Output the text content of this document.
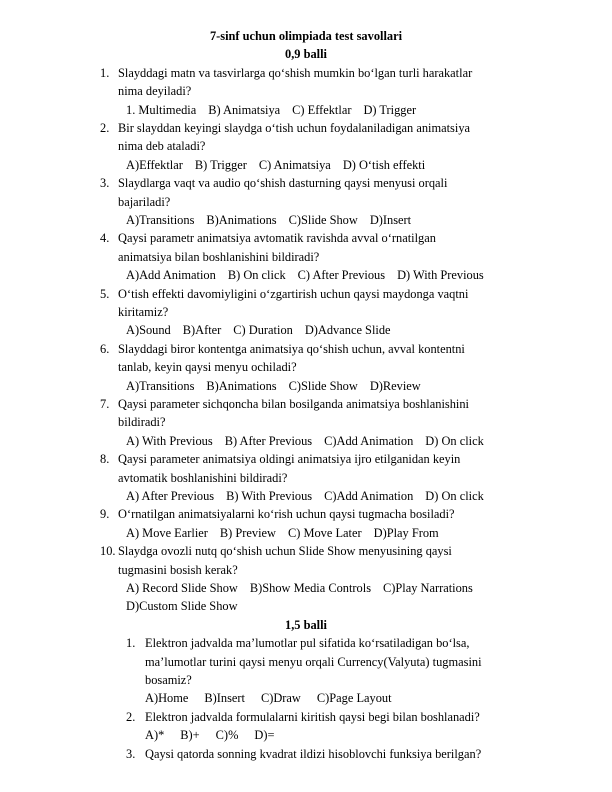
7-sinf uchun olimpiada test savollari
0,9 balli
1. Slayddagi matn va tasvirlarga qo‘shish mumkin bo‘lgan turli harakatlar
nima deyiladi?
1. Multimedia B) Animatsiya C) Effektlar D) Trigger
2. Bir slayddan keyingi slaydga o‘tish uchun foydalaniladigan animatsiya
nima deb ataladi?
A)Effektlar B) Trigger C) Animatsiya D) O‘tish effekti
3. Slaydlarga vaqt va audio qo‘shish dasturning qaysi menyusi orqali
bajariladi?
A)Transitions B)Animations C)Slide Show D)Insert
4. Qaysi parametr animatsiya avtomatik ravishda avval o‘rnatilgan
animatsiya bilan boshlanishini bildiradi?
A)Add Animation B) On click C) After Previous D) With Previous
5. O‘tish effekti davomiyligini o‘zgartirish uchun qaysi maydonga vaqtni
kiritamiz?
A)Sound B)After C) Duration D)Advance Slide
6. Slayddagi biror kontentga animatsiya qo‘shish uchun, avval kontentni
tanlab, keyin qaysi menyu ochiladi?
A)Transitions B)Animations C)Slide Show D)Review
7. Qaysi parameter sichqoncha bilan bosilganda animatsiya boshlanishini
bildiradi?
A) With Previous B) After Previous C)Add Animation D) On click
8. Qaysi parameter animatsiya oldingi animatsiya ijro etilganidan keyin
avtomatik boshlanishini bildiradi?
A) After Previous B) With Previous C)Add Animation D) On click
9. O‘rnatilgan animatsiyalarni ko‘rish uchun qaysi tugmacha bosiladi?
A) Move Earlier B) Preview C) Move Later D)Play From
10. Slaydga ovozli nutq qo‘shish uchun Slide Show menyusining qaysi
tugmasini bosish kerak?
A) Record Slide Show B)Show Media Controls C)Play Narrations
D)Custom Slide Show
1,5 balli
1. Elektron jadvalda ma’lumotlar pul sifatida ko‘rsatiladigan bo‘lsa,
ma’lumotlar turini qaysi menyu orqali Currency(Valyuta) tugmasini
bosamiz?
A)Home B)Insert C)Draw C)Page Layout
2. Elektron jadvalda formulalarni kiritish qaysi begi bilan boshlanadi?
A)* B)+ C)% D)=
3. Qaysi qatorda sonning kvadrat ildizi hisoblovchi funksiya berilgan?
